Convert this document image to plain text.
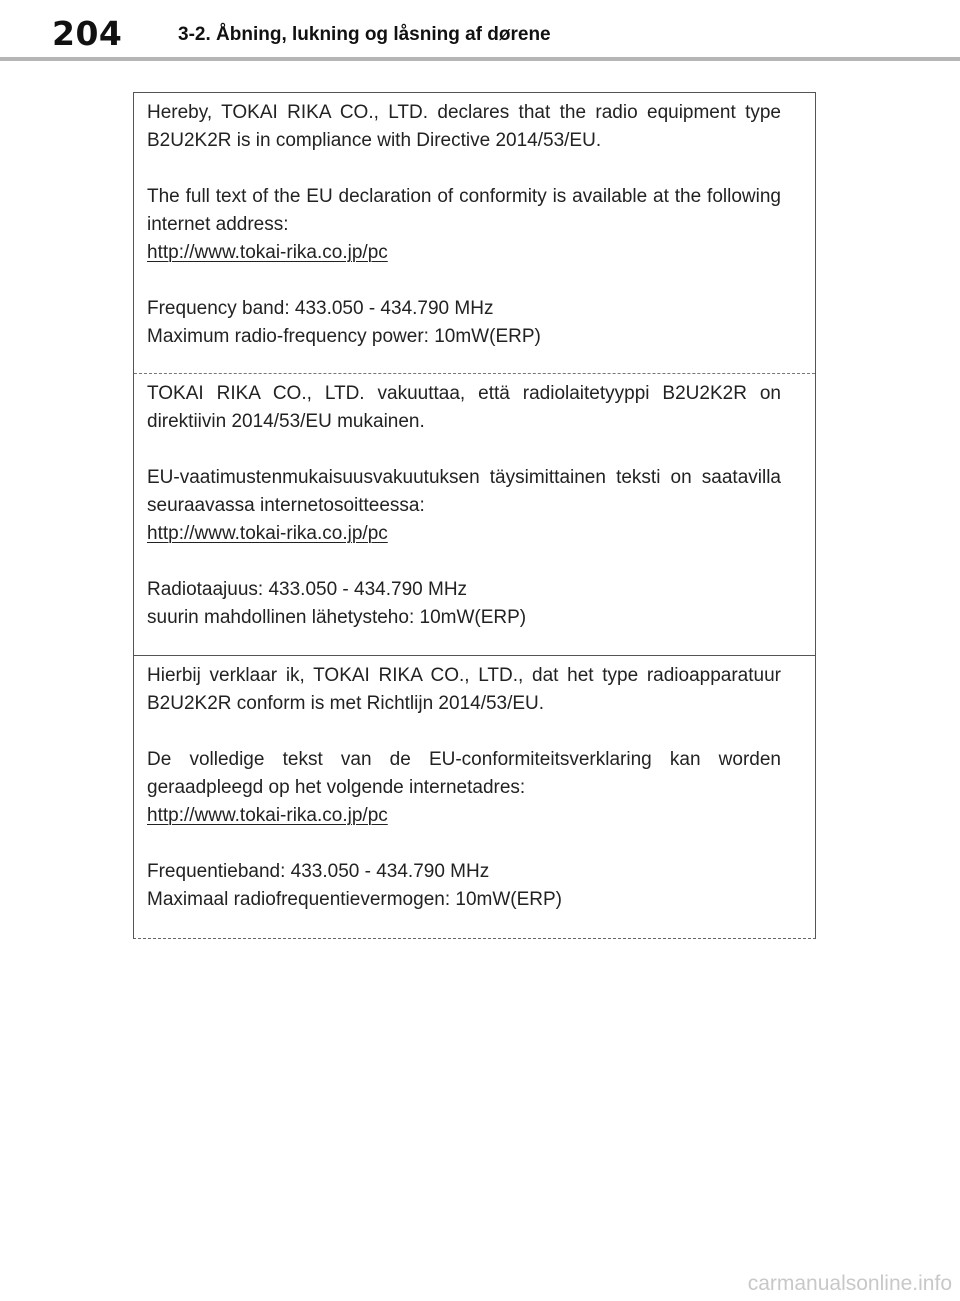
204	3-2. Åbning, lukning og låsning af dørene

Hereby, TOKAI RIKA CO., LTD. declares that the radio equipment type B2U2K2R is in compliance with Directive 2014/53/EU.

The full text of the EU declaration of conformity is available at the following internet address:

http://www.tokai-rika.co.jp/pc

Frequency band: 433.050 - 434.790 MHz

Maximum radio-frequency power: 10mW(ERP)

TOKAI RIKA CO., LTD. vakuuttaa, että radiolaitetyyppi B2U2K2R on direktiivin 2014/53/EU mukainen.

EU-vaatimustenmukaisuusvakuutuksen täysimittainen teksti on saatavilla seuraavassa internetosoitteessa:

http://www.tokai-rika.co.jp/pc

Radiotaajuus: 433.050 - 434.790 MHz

suurin mahdollinen lähetysteho: 10mW(ERP)

Hierbij verklaar ik, TOKAI RIKA CO., LTD., dat het type radioapparatuur B2U2K2R conform is met Richtlijn 2014/53/EU.

De volledige tekst van de EU-conformiteitsverklaring kan worden geraadpleegd op het volgende internetadres:

http://www.tokai-rika.co.jp/pc

Frequentieband: 433.050 - 434.790 MHz

Maximaal radiofrequentievermogen: 10mW(ERP)

carmanualsonline.info
